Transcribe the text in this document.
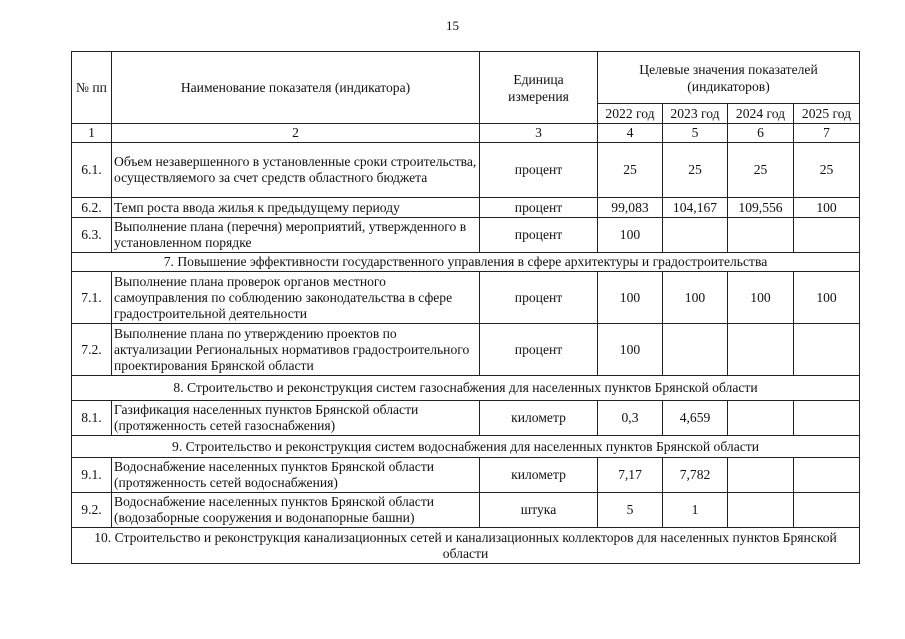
15
№ пп	Наименование показателя (индикатора)	Единица измерения	Целевые значения показателей (индикаторов)			
			2022 год	2023 год	2024 год	2025 год
1	2	3	4	5	6	7
6.1.	Объем незавершенного в установленные сроки строительства, осуществляемого за счет средств областного бюджета	процент	25	25	25	25
6.2.	Темп роста ввода жилья к предыдущему периоду	процент	99,083	104,167	109,556	100
6.3.	Выполнение плана (перечня) мероприятий, утвержденного в установленном порядке	процент	100			
7. Повышение эффективности государственного управления в сфере архитектуры и градостроительства						
7.1.	Выполнение плана проверок органов местного самоуправления по соблюдению законодательства в сфере градостроительной деятельности	процент	100	100	100	100
7.2.	Выполнение плана по утверждению проектов по актуализации Региональных нормативов градостроительного проектирования Брянской области	процент	100			
8. Строительство и реконструкция систем газоснабжения для населенных пунктов Брянской области						
8.1.	Газификация населенных пунктов Брянской области (протяженность сетей газоснабжения)	километр	0,3	4,659		
9. Строительство и реконструкция систем водоснабжения для населенных пунктов Брянской области						
9.1.	Водоснабжение населенных пунктов Брянской области (протяженность сетей водоснабжения)	километр	7,17	7,782		
9.2.	Водоснабжение населенных пунктов Брянской области (водозаборные сооружения и водонапорные башни)	штука	5	1		
10. Строительство и реконструкция канализационных сетей и канализационных коллекторов для населенных пунктов Брянской области						
